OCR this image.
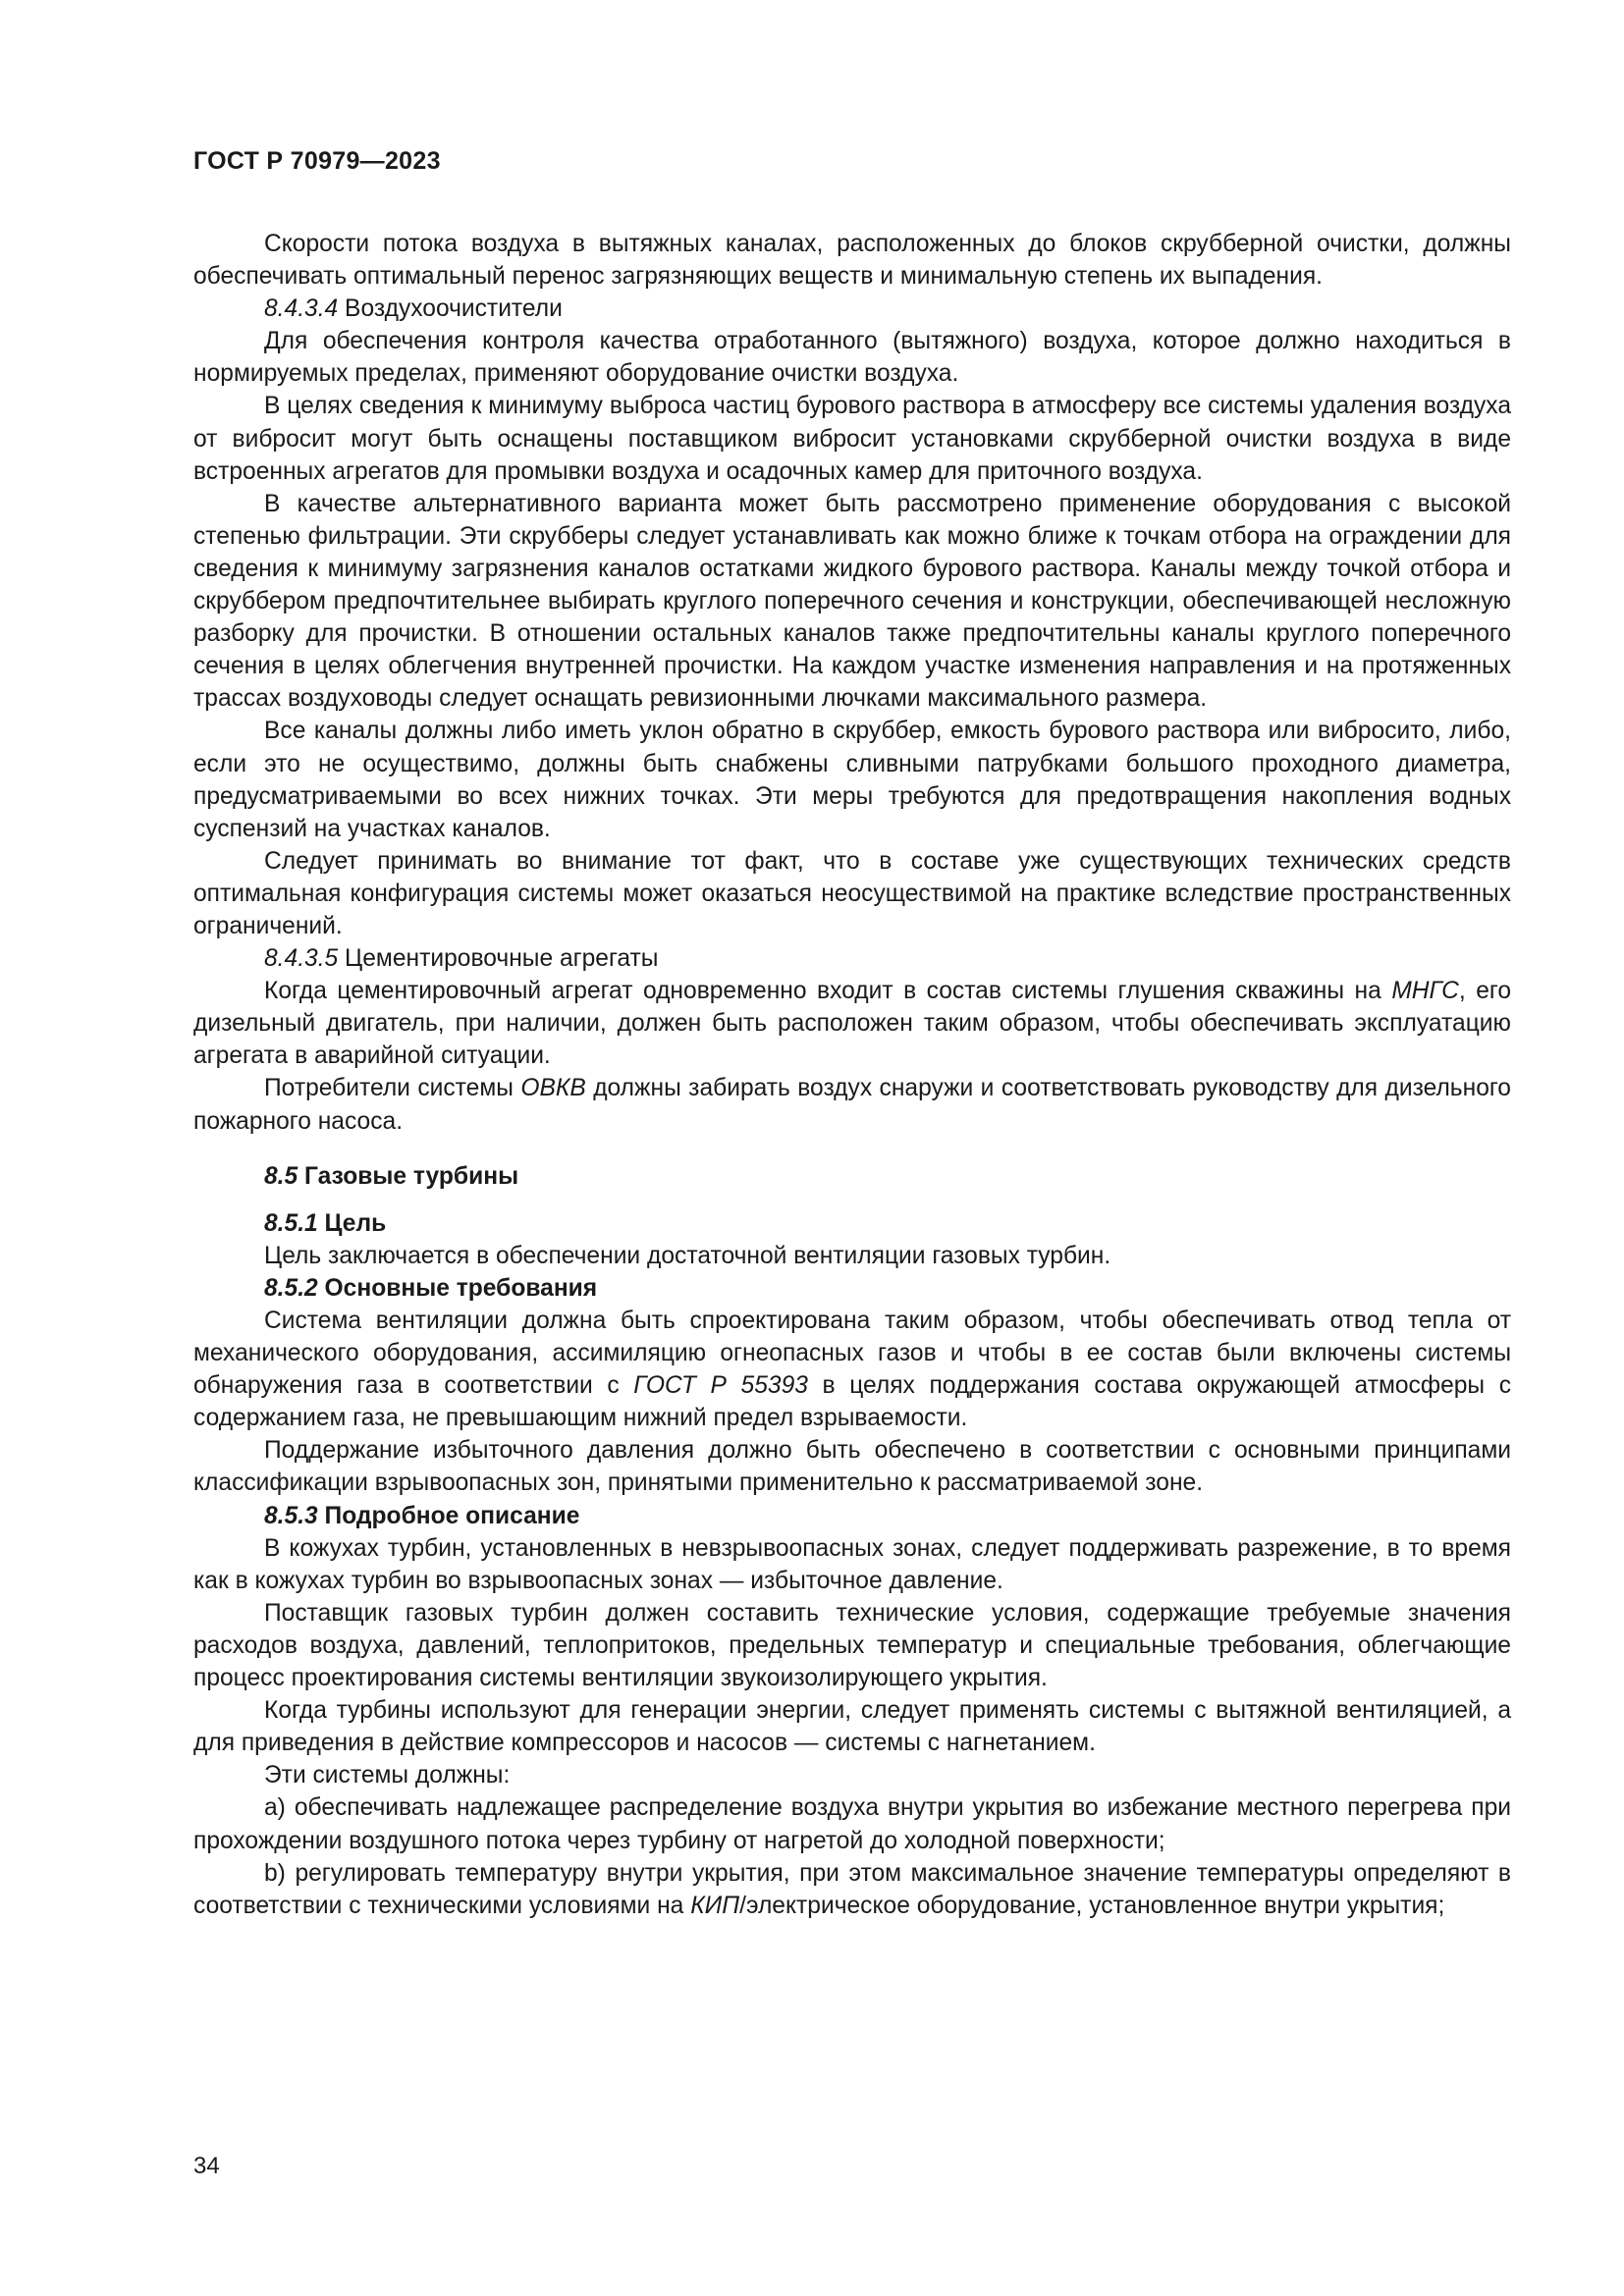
ГОСТ Р 70979—2023

Скорости потока воздуха в вытяжных каналах, расположенных до блоков скрубберной очистки, должны обеспечивать оптимальный перенос загрязняющих веществ и минимальную степень их выпадения.

8.4.3.4 Воздухоочистители

Для обеспечения контроля качества отработанного (вытяжного) воздуха, которое должно находиться в нормируемых пределах, применяют оборудование очистки воздуха.

В целях сведения к минимуму выброса частиц бурового раствора в атмосферу все системы удаления воздуха от вибросит могут быть оснащены поставщиком вибросит установками скрубберной очистки воздуха в виде встроенных агрегатов для промывки воздуха и осадочных камер для приточного воздуха.

В качестве альтернативного варианта может быть рассмотрено применение оборудования с высокой степенью фильтрации. Эти скрубберы следует устанавливать как можно ближе к точкам отбора на ограждении для сведения к минимуму загрязнения каналов остатками жидкого бурового раствора. Каналы между точкой отбора и скруббером предпочтительнее выбирать круглого поперечного сечения и конструкции, обеспечивающей несложную разборку для прочистки. В отношении остальных каналов также предпочтительны каналы круглого поперечного сечения в целях облегчения внутренней прочистки. На каждом участке изменения направления и на протяженных трассах воздуховоды следует оснащать ревизионными лючками максимального размера.

Все каналы должны либо иметь уклон обратно в скруббер, емкость бурового раствора или вибросито, либо, если это не осуществимо, должны быть снабжены сливными патрубками большого проходного диаметра, предусматриваемыми во всех нижних точках. Эти меры требуются для предотвращения накопления водных суспензий на участках каналов.

Следует принимать во внимание тот факт, что в составе уже существующих технических средств оптимальная конфигурация системы может оказаться неосуществимой на практике вследствие пространственных ограничений.

8.4.3.5 Цементировочные агрегаты

Когда цементировочный агрегат одновременно входит в состав системы глушения скважины на МНГС, его дизельный двигатель, при наличии, должен быть расположен таким образом, чтобы обеспечивать эксплуатацию агрегата в аварийной ситуации.

Потребители системы ОВКВ должны забирать воздух снаружи и соответствовать руководству для дизельного пожарного насоса.

8.5 Газовые турбины

8.5.1 Цель

Цель заключается в обеспечении достаточной вентиляции газовых турбин.

8.5.2 Основные требования

Система вентиляции должна быть спроектирована таким образом, чтобы обеспечивать отвод тепла от механического оборудования, ассимиляцию огнеопасных газов и чтобы в ее состав были включены системы обнаружения газа в соответствии с ГОСТ Р 55393 в целях поддержания состава окружающей атмосферы с содержанием газа, не превышающим нижний предел взрываемости.

Поддержание избыточного давления должно быть обеспечено в соответствии с основными принципами классификации взрывоопасных зон, принятыми применительно к рассматриваемой зоне.

8.5.3 Подробное описание

В кожухах турбин, установленных в невзрывоопасных зонах, следует поддерживать разрежение, в то время как в кожухах турбин во взрывоопасных зонах — избыточное давление.

Поставщик газовых турбин должен составить технические условия, содержащие требуемые значения расходов воздуха, давлений, теплопритоков, предельных температур и специальные требования, облегчающие процесс проектирования системы вентиляции звукоизолирующего укрытия.

Когда турбины используют для генерации энергии, следует применять системы с вытяжной вентиляцией, а для приведения в действие компрессоров и насосов — системы с нагнетанием.

Эти системы должны:

a) обеспечивать надлежащее распределение воздуха внутри укрытия во избежание местного перегрева при прохождении воздушного потока через турбину от нагретой до холодной поверхности;

b) регулировать температуру внутри укрытия, при этом максимальное значение температуры определяют в соответствии с техническими условиями на КИП/электрическое оборудование, установленное внутри укрытия;

34
